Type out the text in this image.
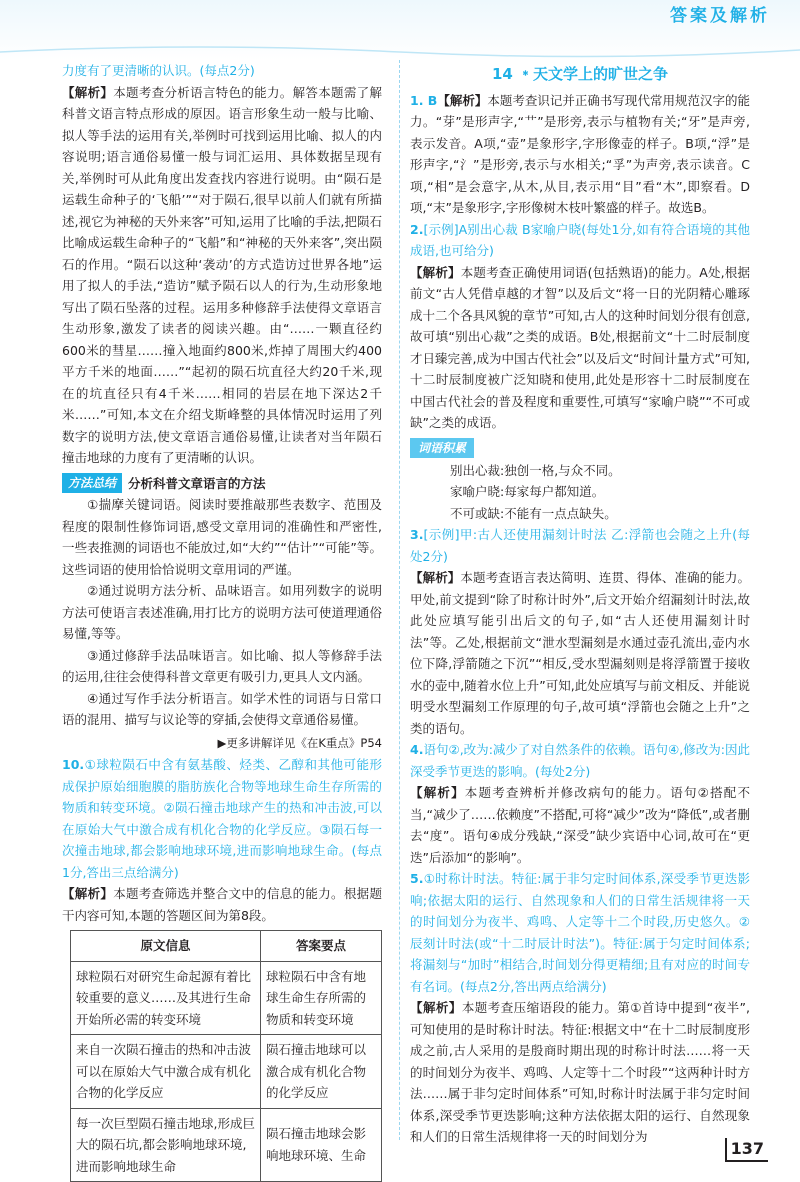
答案及解析

力度有了更清晰的认识。(每点2分)

【解析】本题考查分析语言特色的能力。解答本题需了解科普文语言特点形成的原因。语言形象生动一般与比喻、拟人等手法的运用有关,举例时可找到运用比喻、拟人的内容说明;语言通俗易懂一般与词汇运用、具体数据呈现有关,举例时可从此角度出发查找内容进行说明。由“陨石是运载生命种子的‘飞船’”“对于陨石,很早以前人们就有所描述,视它为神秘的天外来客”可知,运用了比喻的手法,把陨石比喻成运载生命种子的“飞船”和“神秘的天外来客”,突出陨石的作用。“陨石以这种‘袭动’的方式造访过世界各地”运用了拟人的手法,“造访”赋予陨石以人的行为,生动形象地写出了陨石坠落的过程。运用多种修辞手法使得文章语言生动形象,激发了读者的阅读兴趣。由“……一颗直径约600米的彗星……撞入地面约800米,炸掉了周围大约400平方千米的地面……”“起初的陨石坑直径大约20千米,现在的坑直径只有4千米……相同的岩层在地下深达2千米……”可知,本文在介绍戈斯峰整的具体情况时运用了列数字的说明方法,使文章语言通俗易懂,让读者对当年陨石撞击地球的力度有了更清晰的认识。

方法总结 分析科普文章语言的方法

①揣摩关键词语。阅读时要推敲那些表数字、范围及程度的限制性修饰词语,感受文章用词的准确性和严密性,一些表推测的词语也不能放过,如“大约”“估计”“可能”等。这些词语的使用恰恰说明文章用词的严谨。

②通过说明方法分析、品味语言。如用列数字的说明方法可使语言表述准确,用打比方的说明方法可使道理通俗易懂,等等。

③通过修辞手法品味语言。如比喻、拟人等修辞手法的运用,往往会使得科普文章更有吸引力,更具人文内涵。

④通过写作手法分析语言。如学术性的词语与日常口语的混用、描写与议论等的穿插,会使得文章通俗易懂。

▶更多讲解详见《在K重点》P54

10.①球粒陨石中含有氨基酸、烃类、乙醇和其他可能形成保护原始细胞膜的脂肪族化合物等地球生命生存所需的物质和转变环境。②陨石撞击地球产生的热和冲击波,可以在原始大气中激合成有机化合物的化学反应。③陨石每一次撞击地球,都会影响地球环境,进而影响地球生命。(每点1分,答出三点给满分)

【解析】本题考查筛选并整合文中的信息的能力。根据题干内容可知,本题的答题区间为第8段。

原文信息	答案要点
球粒陨石对研究生命起源有着比较重要的意义……及其进行生命开始所必需的转变环境	球粒陨石中含有地球生命生存所需的物质和转变环境
来自一次陨石撞击的热和冲击波可以在原始大气中激合成有机化合物的化学反应	陨石撞击地球可以激合成有机化合物的化学反应
每一次巨型陨石撞击地球,形成巨大的陨石坑,都会影响地球环境,进而影响地球生命	陨石撞击地球会影响地球环境、生命
14 ﹡天文学上的旷世之争

1. B【解析】本题考查识记并正确书写现代常用规范汉字的能力。“芽”是形声字,“艹”是形旁,表示与植物有关;“牙”是声旁,表示发音。A项,“壶”是象形字,字形像壶的样子。B项,“浮”是形声字,“氵”是形旁,表示与水相关;“孚”为声旁,表示读音。C项,“相”是会意字,从木,从目,表示用“目”看“木”,即察看。D项,“末”是象形字,字形像树木枝叶繁盛的样子。故选B。

2.[示例]A别出心裁 B家喻户晓(每处1分,如有符合语境的其他成语,也可给分)

【解析】本题考查正确使用词语(包括熟语)的能力。A处,根据前文“古人凭借卓越的才智”以及后文“将一日的光阴精心雕琢成十二个各具风貌的章节”可知,古人的这种时间划分很有创意,故可填“别出心裁”之类的成语。B处,根据前文“十二时辰制度才日臻完善,成为中国古代社会”以及后文“时间计量方式”可知,十二时辰制度被广泛知晓和使用,此处是形容十二时辰制度在中国古代社会的普及程度和重要性,可填写“家喻户晓”“不可或缺”之类的成语。

词语积累

别出心裁:独创一格,与众不同。

家喻户晓:每家每户都知道。

不可或缺:不能有一点点缺失。

3.[示例]甲:古人还使用漏刻计时法 乙:浮箭也会随之上升(每处2分)

【解析】本题考查语言表达简明、连贯、得体、准确的能力。甲处,前文提到“除了时称计时外”,后文开始介绍漏刻计时法,故此处应填写能引出后文的句子,如“古人还使用漏刻计时法”等。乙处,根据前文“泄水型漏刻是水通过壶孔流出,壶内水位下降,浮箭随之下沉”“相反,受水型漏刻则是将浮箭置于接收水的壶中,随着水位上升”可知,此处应填写与前文相反、并能说明受水型漏刻工作原理的句子,故可填“浮箭也会随之上升”之类的语句。

4.语句②,改为:减少了对自然条件的依赖。语句④,修改为:因此深受季节更迭的影响。(每处2分)

【解析】本题考查辨析并修改病句的能力。语句②搭配不当,“减少了……依赖度”不搭配,可将“减少”改为“降低”,或者删去“度”。语句④成分残缺,“深受”缺少宾语中心词,故可在“更迭”后添加“的影响”。

5.①时称计时法。特征:属于非匀定时间体系,深受季节更迭影响;依据太阳的运行、自然现象和人们的日常生活规律将一天的时间划分为夜半、鸡鸣、人定等十二个时段,历史悠久。②辰刻计时法(或“十二时辰计时法”)。特征:属于匀定时间体系;将漏刻与“加时”相结合,时间划分得更精细;且有对应的时间专有名词。(每点2分,答出两点给满分)

【解析】本题考查压缩语段的能力。第①首诗中提到“夜半”,可知使用的是时称计时法。特征:根据文中“在十二时辰制度形成之前,古人采用的是殷商时期出现的时称计时法……将一天的时间划分为夜半、鸡鸣、人定等十二个时段”“这两种计时方法……属于非匀定时间体系”可知,时称计时法属于非匀定时间体系,深受季节更迭影响;这种方法依据太阳的运行、自然现象和人们的日常生活规律将一天的时间划分为

137
